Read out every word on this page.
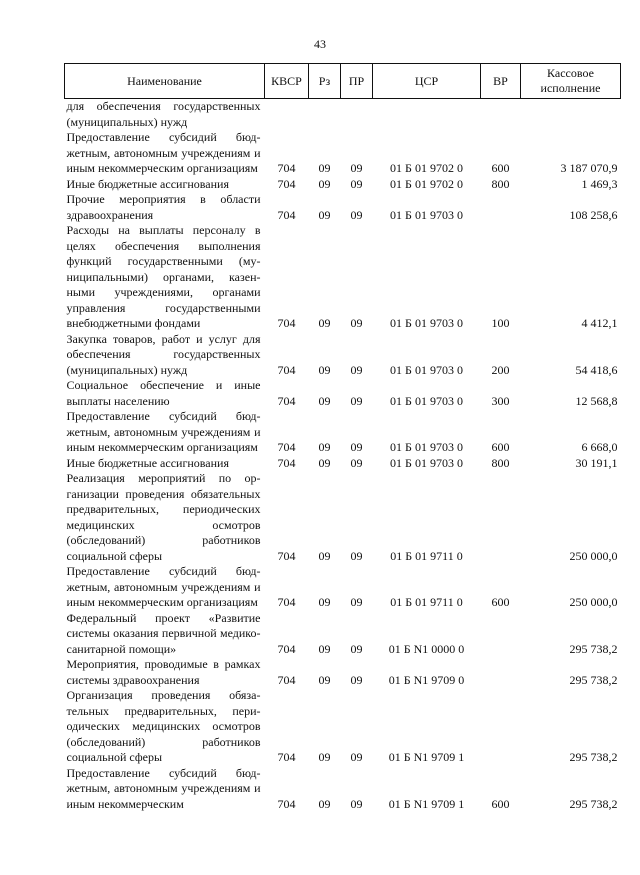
43
Наименование	КВСР	Рз	ПР	ЦСР	ВР	Кассовое исполнение
для обеспечения государственных (муниципальных) нужд						
Предоставление субсидий бюджетным, автономным учреждениям и иным некоммерческим организациям	704	09	09	01 Б 01 9702 0	600	3 187 070,9
Иные бюджетные ассигнования	704	09	09	01 Б 01 9702 0	800	1 469,3
Прочие мероприятия в области здравоохранения	704	09	09	01 Б 01 9703 0		108 258,6
Расходы на выплаты персоналу в целях обеспечения выполнения функций государственными (муниципальными) органами, казенными учреждениями, органами управления государственными внебюджетными фондами	704	09	09	01 Б 01 9703 0	100	4 412,1
Закупка товаров, работ и услуг для обеспечения государственных (муниципальных) нужд	704	09	09	01 Б 01 9703 0	200	54 418,6
Социальное обеспечение и иные выплаты населению	704	09	09	01 Б 01 9703 0	300	12 568,8
Предоставление субсидий бюджетным, автономным учреждениям и иным некоммерческим организациям	704	09	09	01 Б 01 9703 0	600	6 668,0
Иные бюджетные ассигнования	704	09	09	01 Б 01 9703 0	800	30 191,1
Реализация мероприятий по организации проведения обязательных предварительных, периодических медицинских осмотров (обследований) работников социальной сферы	704	09	09	01 Б 01 9711 0		250 000,0
Предоставление субсидий бюджетным, автономным учреждениям и иным некоммерческим организациям	704	09	09	01 Б 01 9711 0	600	250 000,0
Федеральный проект «Развитие системы оказания первичной медико-санитарной помощи»	704	09	09	01 Б N1 0000 0		295 738,2
Мероприятия, проводимые в рамках системы здравоохранения	704	09	09	01 Б N1 9709 0		295 738,2
Организация проведения обязательных предварительных, периодических медицинских осмотров (обследований) работников социальной сферы	704	09	09	01 Б N1 9709 1		295 738,2
Предоставление субсидий бюджетным, автономным учреждениям и иным некоммерческим	704	09	09	01 Б N1 9709 1	600	295 738,2
